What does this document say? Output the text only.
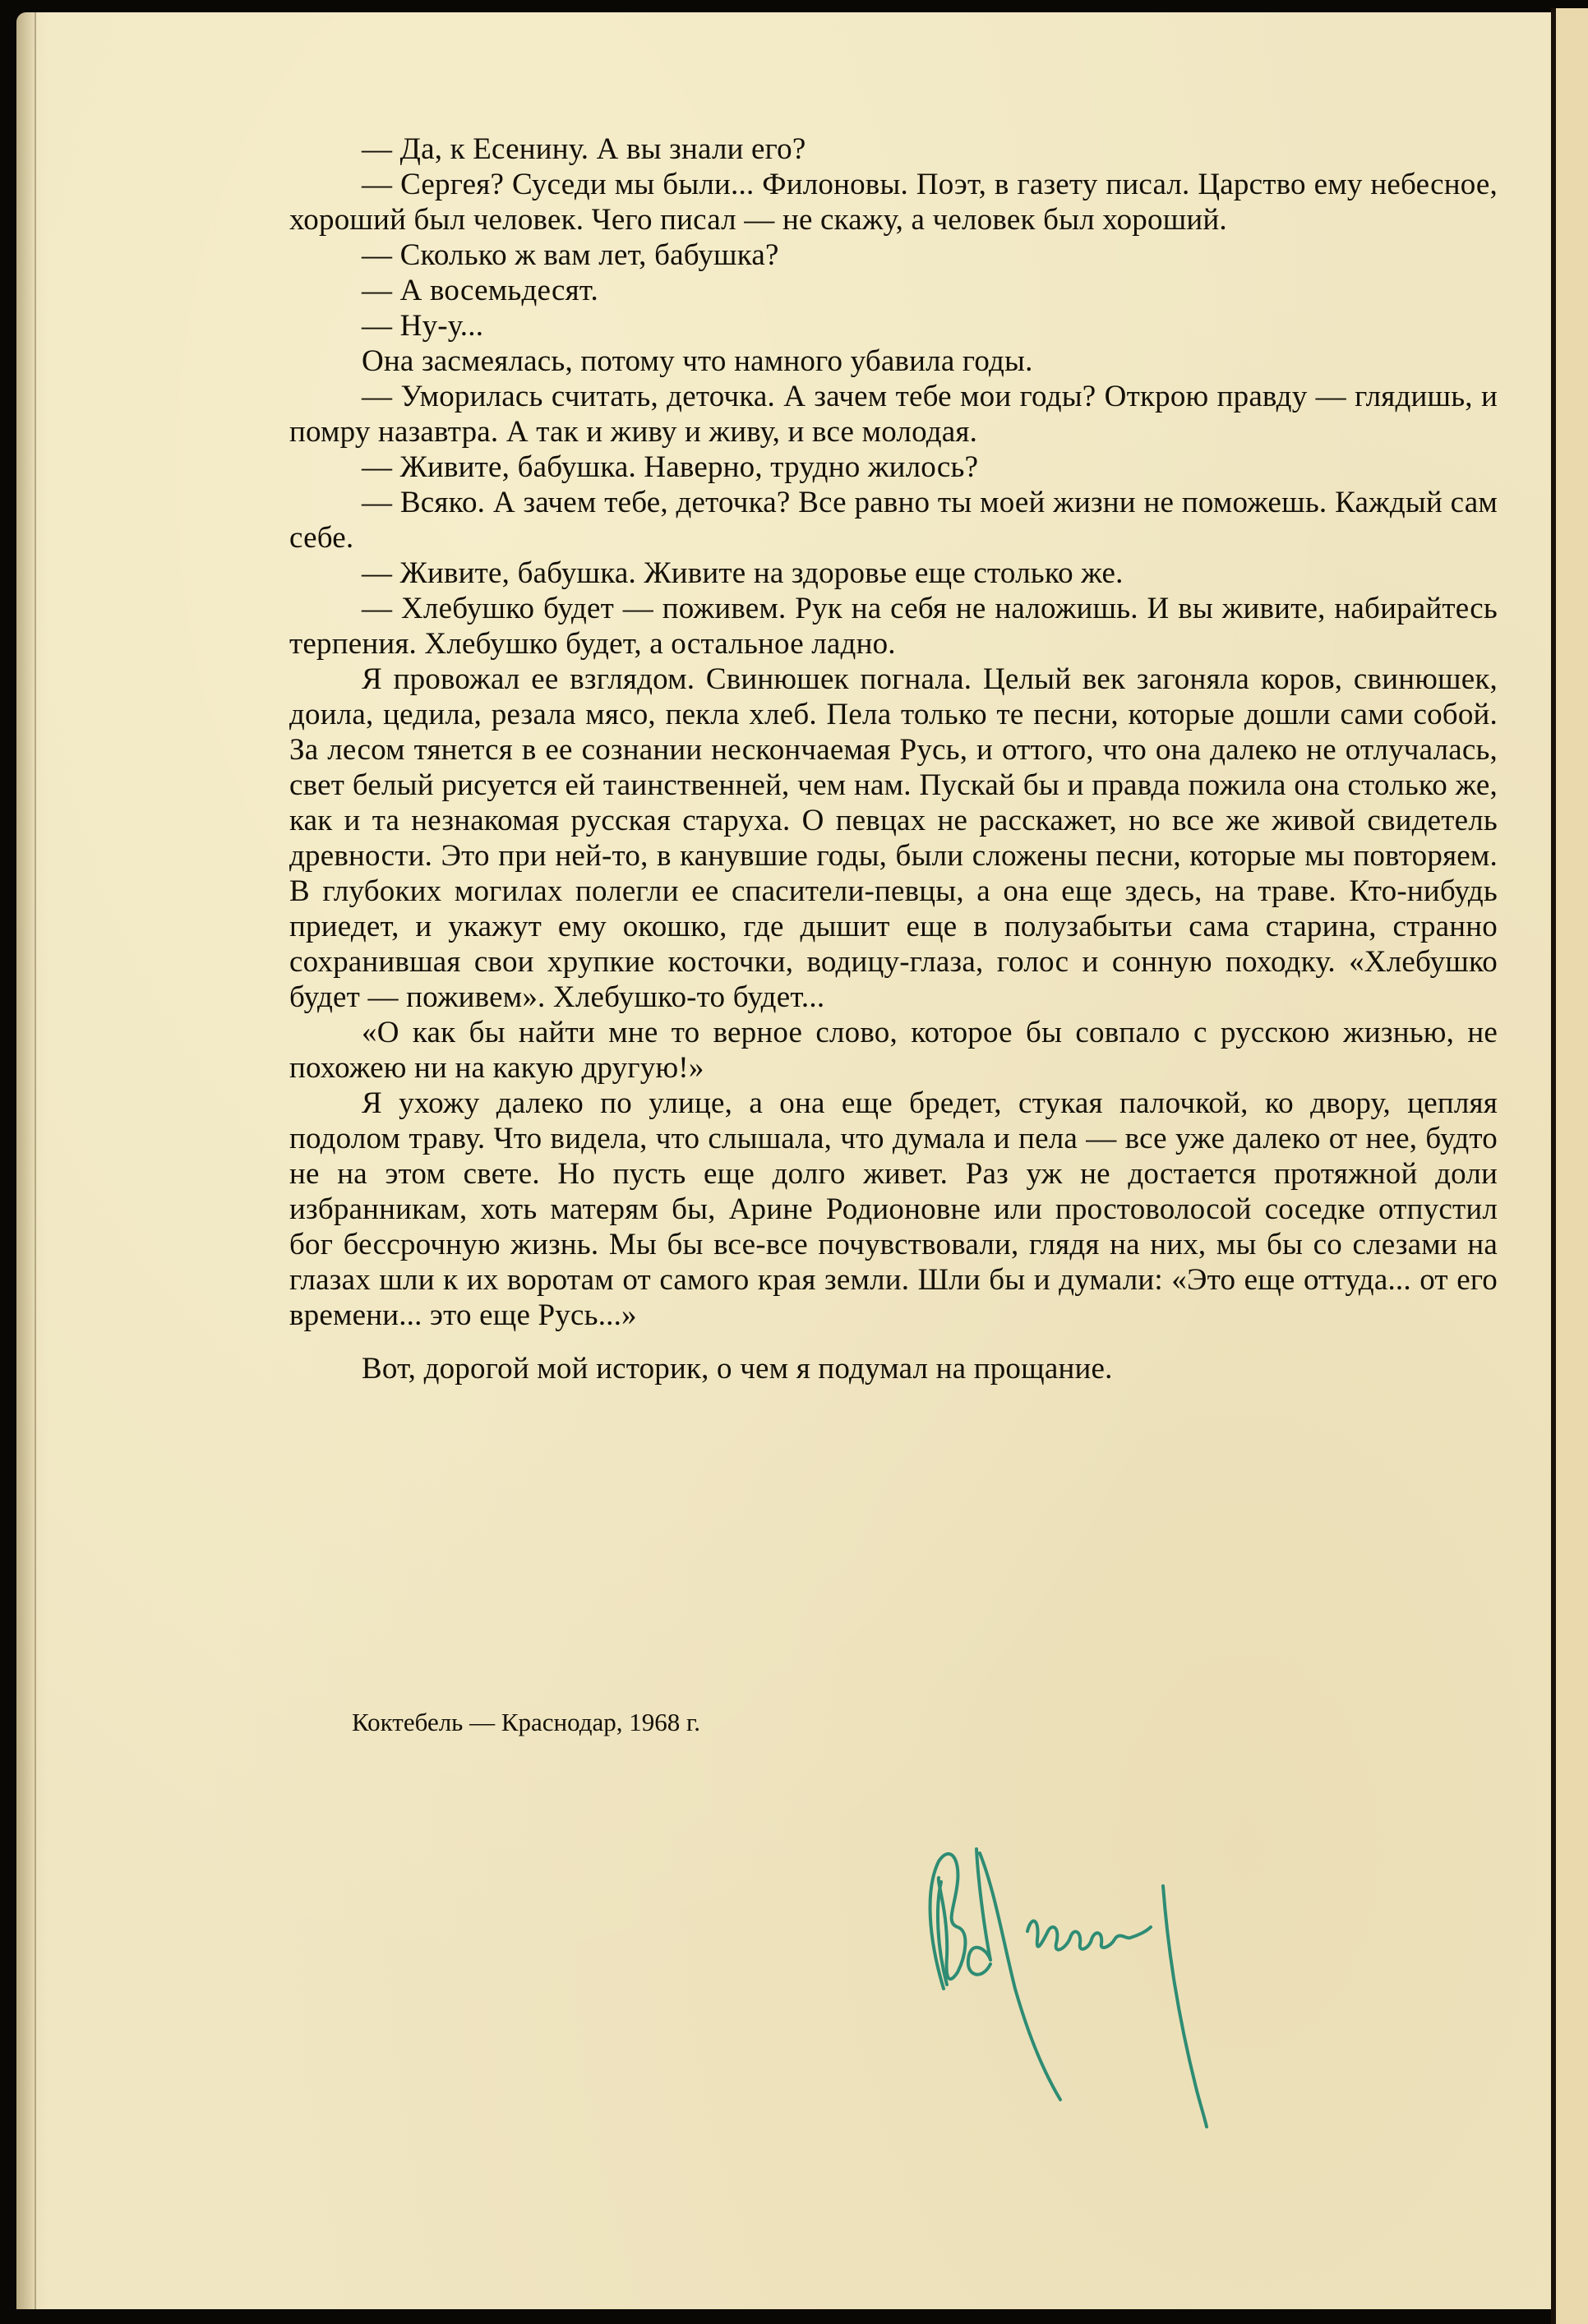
— Да, к Есенину. А вы знали его?

— Сергея? Суседи мы были... Филоновы. Поэт, в газету писал. Царство ему небесное, хороший был человек. Чего писал — не скажу, а человек был хороший.

— Сколько ж вам лет, бабушка?

— А восемьдесят.

— Ну-у...

Она засмеялась, потому что намного убавила годы.

— Уморилась считать, деточка. А зачем тебе мои годы? Открою правду — глядишь, и помру назавтра. А так и живу и живу, и все молодая.

— Живите, бабушка. Наверно, трудно жилось?

— Всяко. А зачем тебе, деточка? Все равно ты моей жизни не поможешь. Каждый сам себе.

— Живите, бабушка. Живите на здоровье еще столько же.

— Хлебушко будет — поживем. Рук на себя не наложишь. И вы живите, набирайтесь терпения. Хлебушко будет, а остальное ладно.

Я провожал ее взглядом. Свинюшек погнала. Целый век загоняла коров, свинюшек, доила, цедила, резала мясо, пекла хлеб. Пела только те песни, которые дошли сами собой. За лесом тянется в ее сознании нескончаемая Русь, и оттого, что она далеко не отлучалась, свет белый рисуется ей таинственней, чем нам. Пускай бы и правда пожила она столько же, как и та незнакомая русская старуха. О певцах не расскажет, но все же живой свидетель древности. Это при ней-то, в канувшие годы, были сложены песни, которые мы повторяем. В глубоких могилах полегли ее спасители-певцы, а она еще здесь, на траве. Кто-нибудь приедет, и укажут ему окошко, где дышит еще в полузабытьи сама старина, странно сохранившая свои хрупкие косточки, водицу-глаза, голос и сонную походку. «Хлебушко будет — поживем». Хлебушко-то будет...

«О как бы найти мне то верное слово, которое бы совпало с русскою жизнью, не похожею ни на какую другую!»

Я ухожу далеко по улице, а она еще бредет, стукая палочкой, ко двору, цепляя подолом траву. Что видела, что слышала, что думала и пела — все уже далеко от нее, будто не на этом свете. Но пусть еще долго живет. Раз уж не достается протяжной доли избранникам, хоть матерям бы, Арине Родионовне или простоволосой соседке отпустил бог бессрочную жизнь. Мы бы все-все почувствовали, глядя на них, мы бы со слезами на глазах шли к их воротам от самого края земли. Шли бы и думали: «Это еще оттуда... от его времени... это еще Русь...»

Вот, дорогой мой историк, о чем я подумал на прощание.

Коктебель — Краснодар, 1968 г.
